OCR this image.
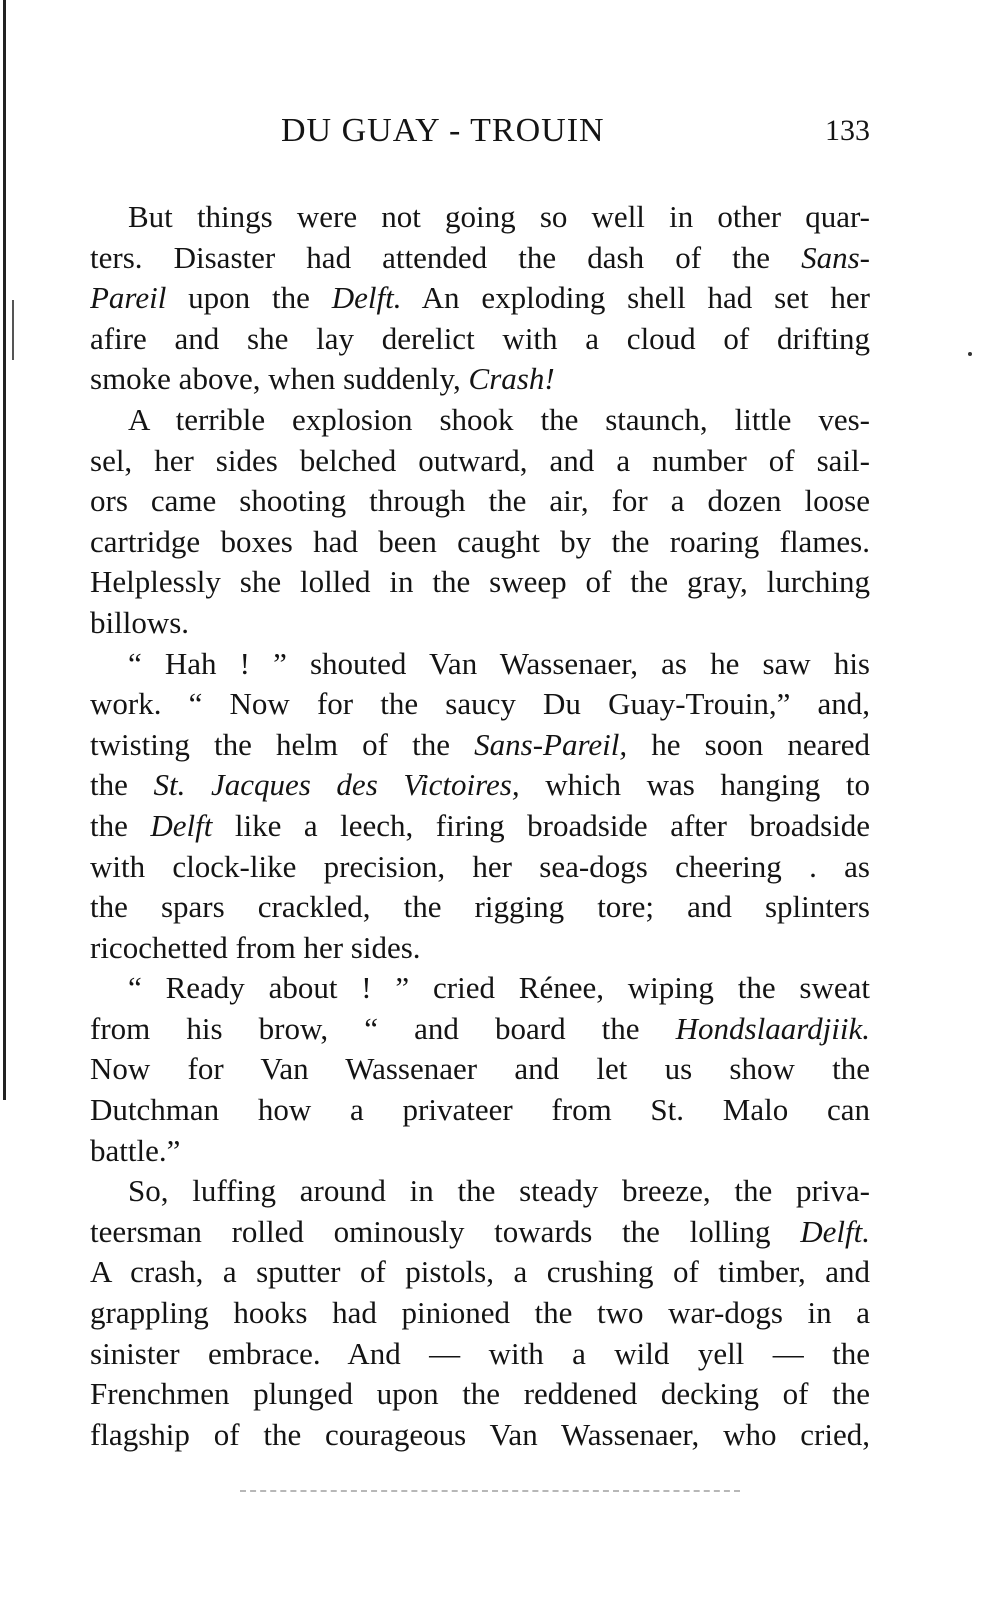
DU GUAY - TROUIN	133
But things were not going so well in other quar-
ters. Disaster had attended the dash of the Sans-
Pareil upon the Delft. An exploding shell had set her
afire and she lay derelict with a cloud of drifting
smoke above, when suddenly, Crash!
A terrible explosion shook the staunch, little ves-
sel, her sides belched outward, and a number of sail-
ors came shooting through the air, for a dozen loose
cartridge boxes had been caught by the roaring flames.
Helplessly she lolled in the sweep of the gray, lurching
billows.
“ Hah ! ” shouted Van Wassenaer, as he saw his
work. “ Now for the saucy Du Guay-Trouin,” and,
twisting the helm of the Sans-Pareil, he soon neared
the St. Jacques des Victoires, which was hanging to
the Delft like a leech, firing broadside after broadside
with clock-like precision, her sea-dogs cheering . as
the spars crackled, the rigging tore; and splinters
ricochetted from her sides.
“ Ready about ! ” cried Rénee, wiping the sweat
from his brow, “ and board the Hondslaardjiik.
Now for Van Wassenaer and let us show the
Dutchman how a privateer from St. Malo can
battle.”
So, luffing around in the steady breeze, the priva-
teersman rolled ominously towards the lolling Delft.
A crash, a sputter of pistols, a crushing of timber, and
grappling hooks had pinioned the two war-dogs in a
sinister embrace. And — with a wild yell — the
Frenchmen plunged upon the reddened decking of the
flagship of the courageous Van Wassenaer, who cried,
